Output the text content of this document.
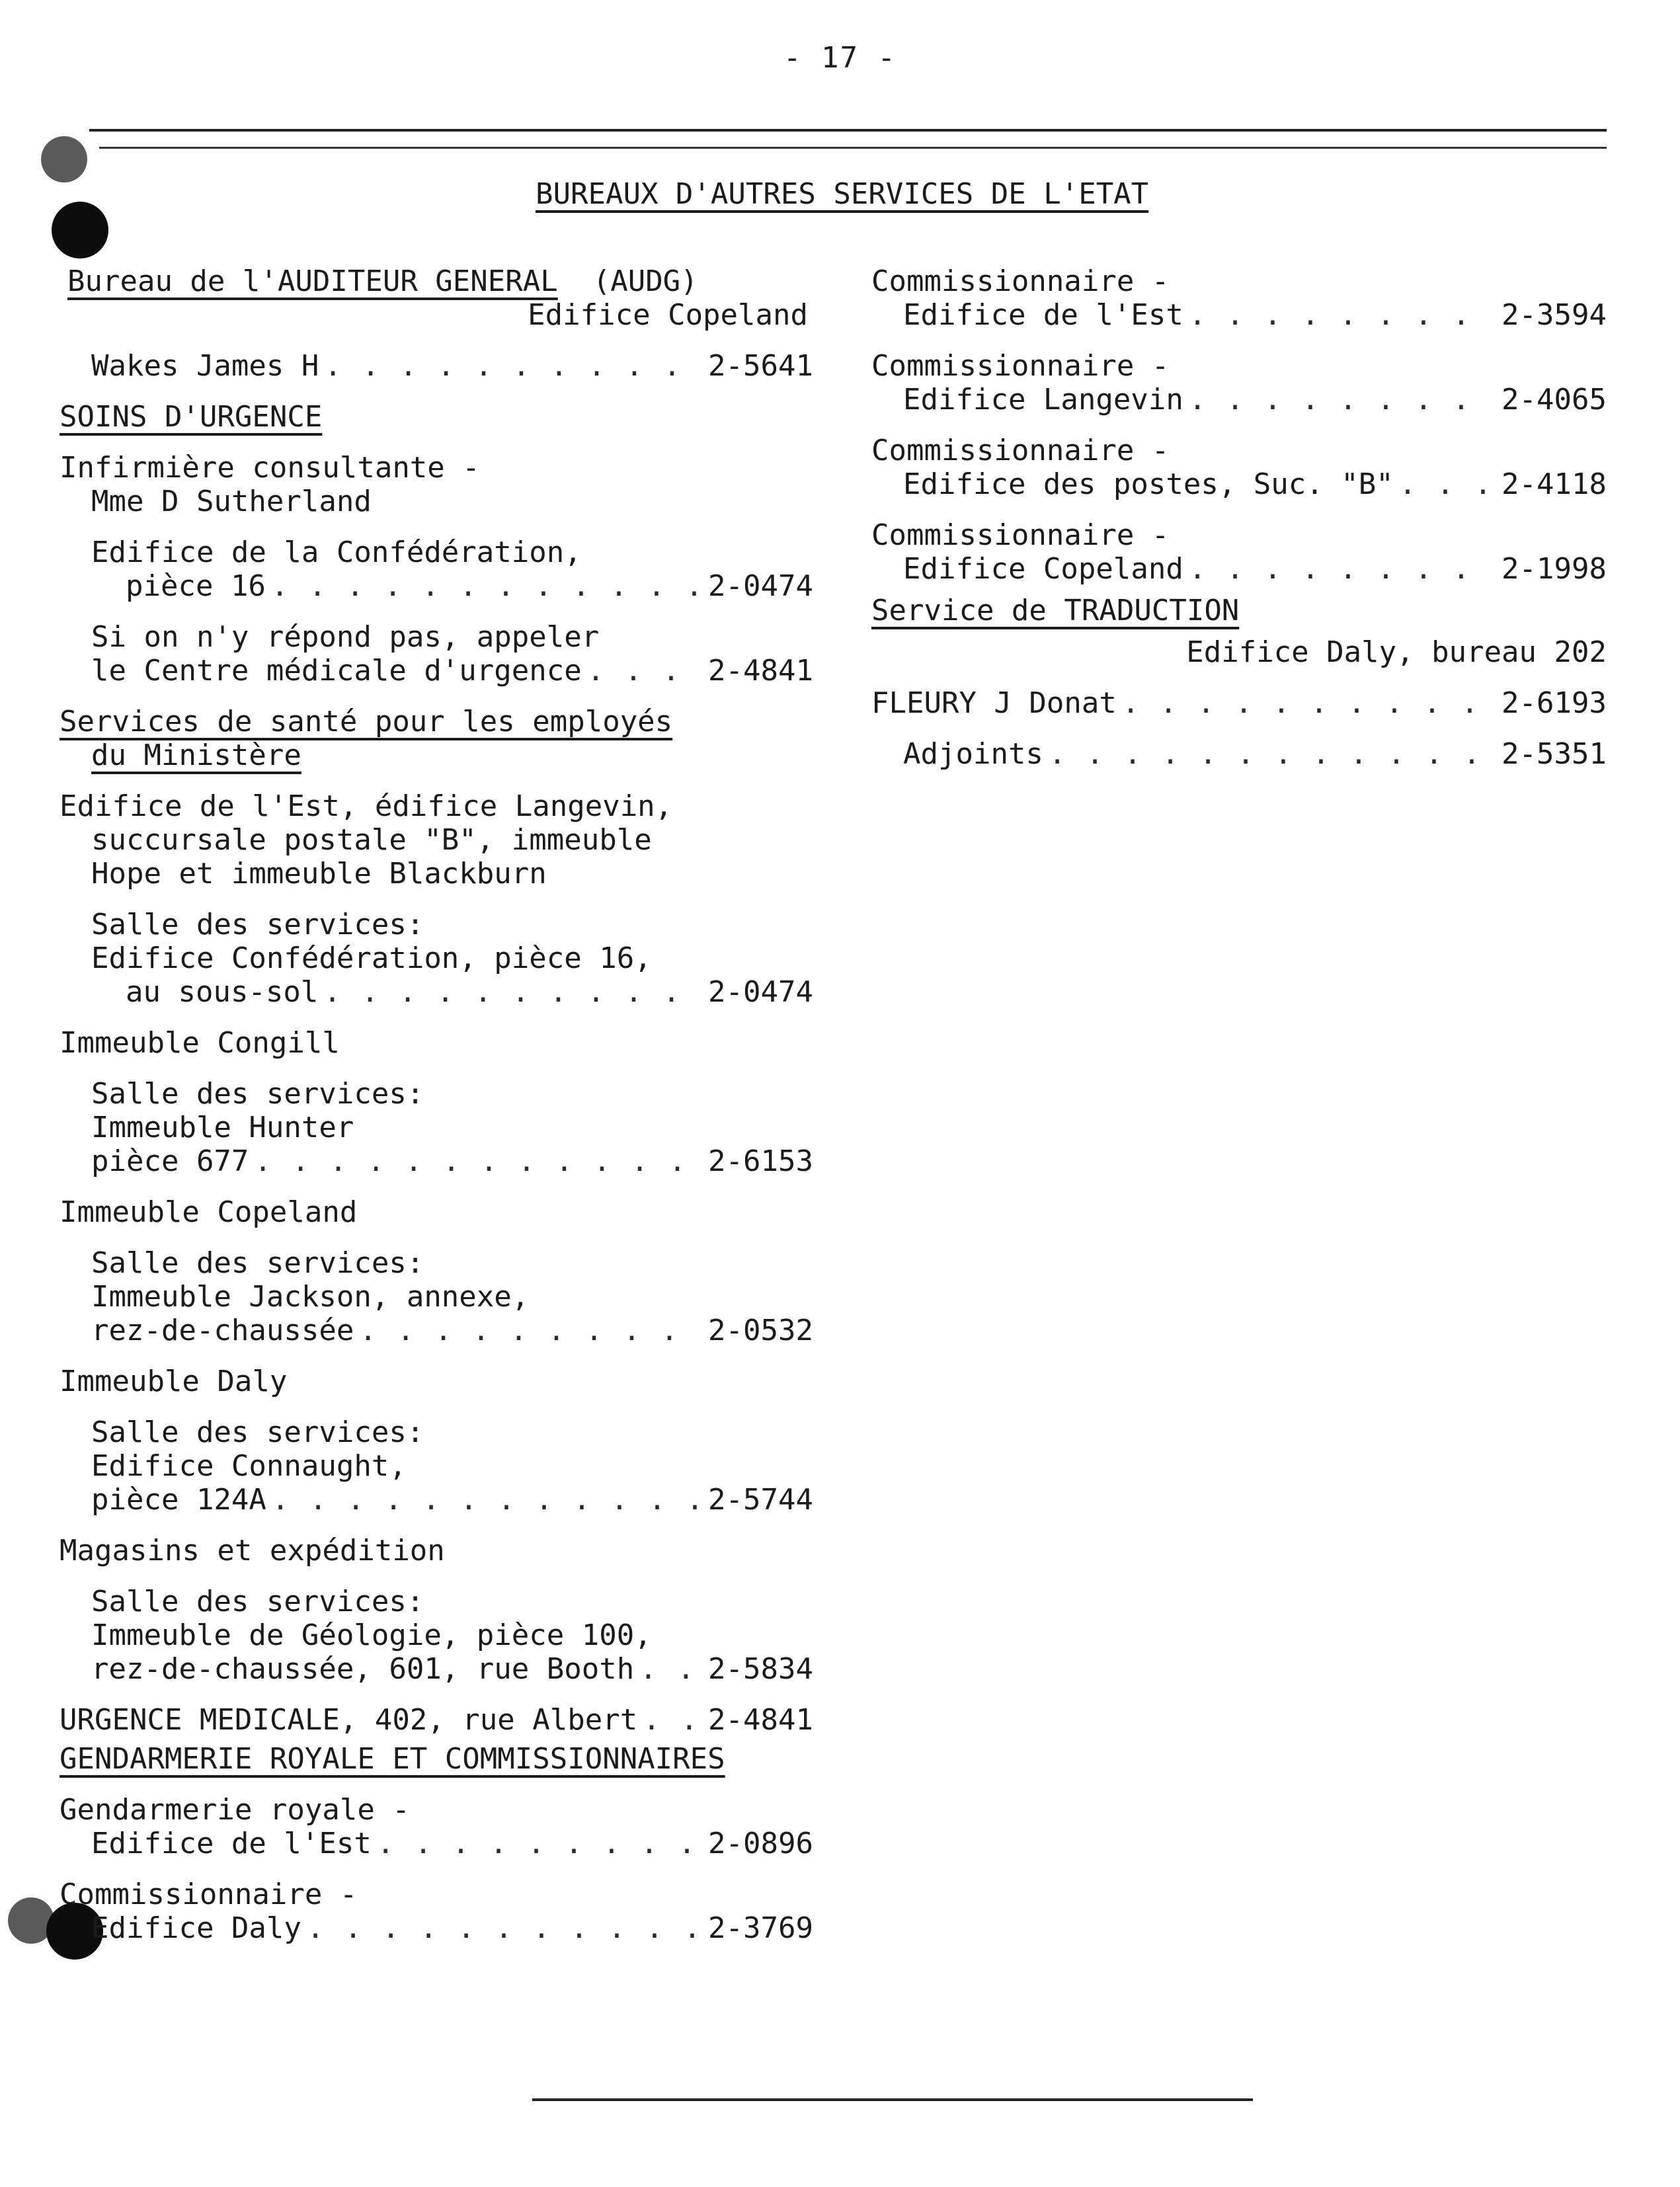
- 17 -
BUREAUX D'AUTRES SERVICES DE L'ETAT
Bureau de l'AUDITEUR GENERAL (AUDG)
Edifice Copeland
Wakes James H . . .	2-5641
SOINS D'URGENCE
Infirmière consultante -
Mme D Sutherland
Edifice de la Confédération,
pièce 16 . . .	2-0474
Si on n'y répond pas, appeler
le Centre médicale d'urgence . . .	2-4841
Services de santé pour les employés
du Ministère
Edifice de l'Est, édifice Langevin,
succursale postale "B", immeuble
Hope et immeuble Blackburn
Salle des services:
Edifice Confédération, pièce 16,
au sous-sol . . .	2-0474
Immeuble Congill
Salle des services:
Immeuble Hunter
pièce 677 . . .	2-6153
Immeuble Copeland
Salle des services:
Immeuble Jackson, annexe,
rez-de-chaussée . . .	2-0532
Immeuble Daly
Salle des services:
Edifice Connaught,
pièce 124A . . .	2-5744
Magasins et expédition
Salle des services:
Immeuble de Géologie, pièce 100,
rez-de-chaussée, 601, rue Booth . . .	2-5834
URGENCE MEDICALE, 402, rue Albert . . . 2-4841
GENDARMERIE ROYALE ET COMMISSIONNAIRES
Gendarmerie royale -
Edifice de l'Est . . .	2-0896
Commissionnaire -
Edifice Daly . . .	2-3769
Commissionnaire -
Edifice de l'Est . . .	2-3594
Commissionnaire -
Edifice Langevin . . .	2-4065
Commissionnaire -
Edifice des postes, Suc. "B" . . .	2-4118
Commissionnaire -
Edifice Copeland . . .	2-1998
Service de TRADUCTION
Edifice Daly, bureau 202
FLEURY J Donat . . .	2-6193
Adjoints . . .	2-5351
